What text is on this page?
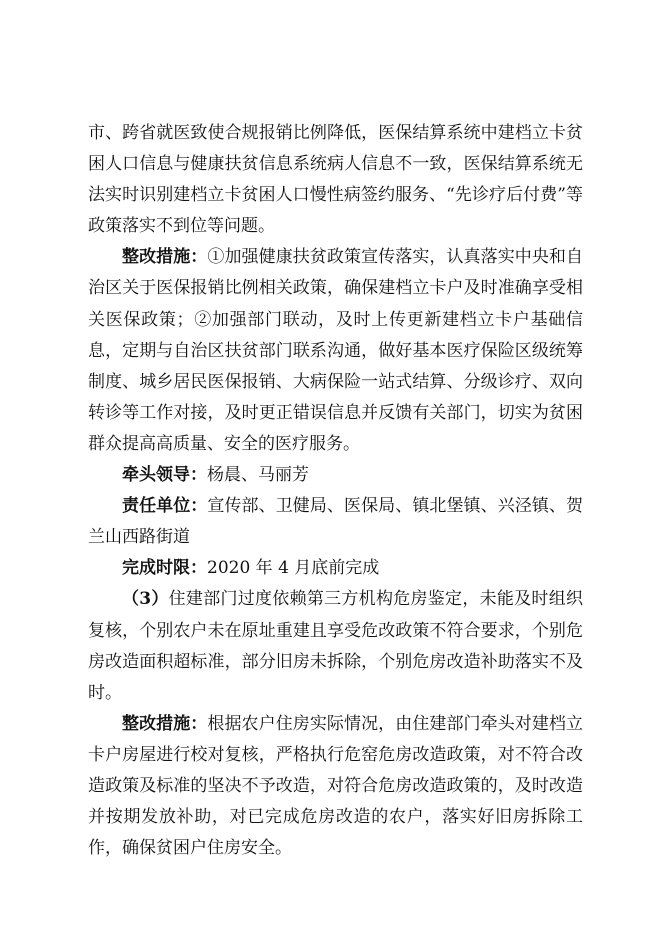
市、跨省就医致使合规报销比例降低，医保结算系统中建档立卡贫困人口信息与健康扶贫信息系统病人信息不一致，医保结算系统无法实时识别建档立卡贫困人口慢性病签约服务、“先诊疗后付费”等政策落实不到位等问题。

整改措施：①加强健康扶贫政策宣传落实，认真落实中央和自治区关于医保报销比例相关政策，确保建档立卡户及时准确享受相关医保政策；②加强部门联动，及时上传更新建档立卡户基础信息，定期与自治区扶贫部门联系沟通，做好基本医疗保险区级统筹制度、城乡居民医保报销、大病保险一站式结算、分级诊疗、双向转诊等工作对接，及时更正错误信息并反馈有关部门，切实为贫困群众提高高质量、安全的医疗服务。

牵头领导：杨晨、马丽芳

责任单位：宣传部、卫健局、医保局、镇北堡镇、兴泾镇、贺兰山西路街道

完成时限：2020 年 4 月底前完成

（3）住建部门过度依赖第三方机构危房鉴定，未能及时组织复核，个别农户未在原址重建且享受危改政策不符合要求，个别危房改造面积超标准，部分旧房未拆除，个别危房改造补助落实不及时。

整改措施：根据农户住房实际情况，由住建部门牵头对建档立卡户房屋进行校对复核，严格执行危窑危房改造政策，对不符合改造政策及标准的坚决不予改造，对符合危房改造政策的，及时改造并按期发放补助，对已完成危房改造的农户，落实好旧房拆除工作，确保贫困户住房安全。
